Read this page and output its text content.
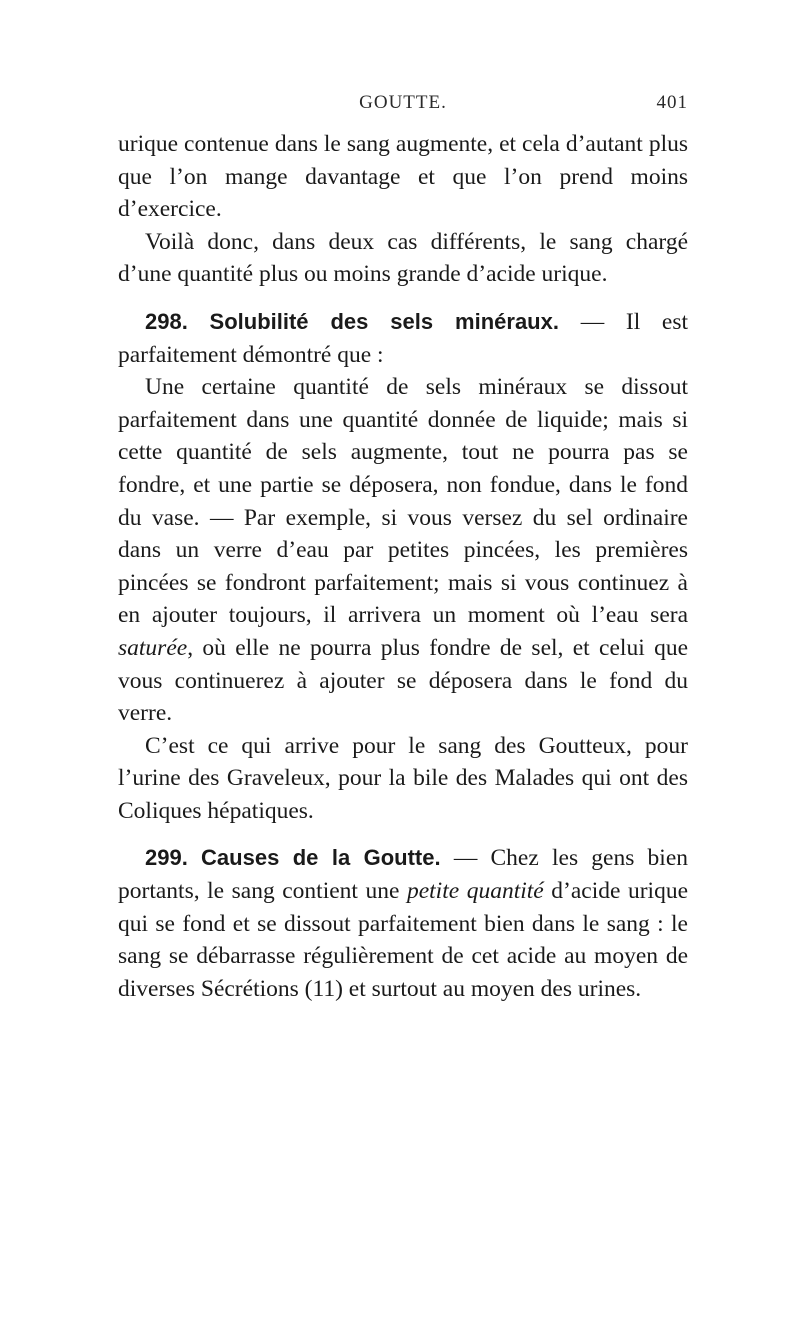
GOUTTE.	401

urique contenue dans le sang augmente, et cela d’autant plus que l’on mange davantage et que l’on prend moins d’exercice.

Voilà donc, dans deux cas différents, le sang chargé d’une quantité plus ou moins grande d’acide urique.

298. Solubilité des sels minéraux. — Il est parfaitement démontré que :

Une certaine quantité de sels minéraux se dissout parfaitement dans une quantité donnée de liquide; mais si cette quantité de sels augmente, tout ne pourra pas se fondre, et une partie se déposera, non fondue, dans le fond du vase. — Par exemple, si vous versez du sel ordinaire dans un verre d’eau par petites pincées, les premières pincées se fondront parfaitement; mais si vous continuez à en ajouter toujours, il arrivera un moment où l’eau sera saturée, où elle ne pourra plus fondre de sel, et celui que vous continuerez à ajouter se déposera dans le fond du verre.

C’est ce qui arrive pour le sang des Goutteux, pour l’urine des Graveleux, pour la bile des Malades qui ont des Coliques hépatiques.

299. Causes de la Goutte. — Chez les gens bien portants, le sang contient une petite quantité d’acide urique qui se fond et se dissout parfaitement bien dans le sang : le sang se débarrasse régulièrement de cet acide au moyen de diverses Sécrétions (11) et surtout au moyen des urines.
